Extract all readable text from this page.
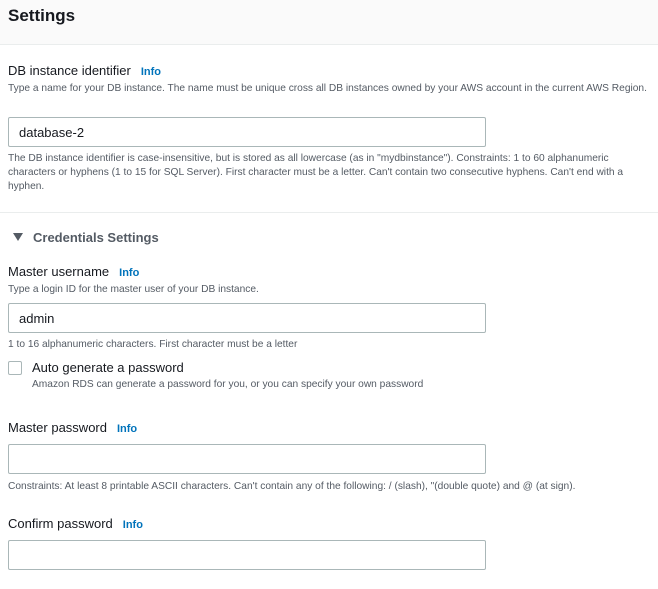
Settings
DB instance identifier Info
Type a name for your DB instance. The name must be unique cross all DB instances owned by your AWS account in the current AWS Region.
database-2
The DB instance identifier is case-insensitive, but is stored as all lowercase (as in "mydbinstance"). Constraints: 1 to 60 alphanumeric characters or hyphens (1 to 15 for SQL Server). First character must be a letter. Can't contain two consecutive hyphens. Can't end with a hyphen.
Credentials Settings
Master username Info
Type a login ID for the master user of your DB instance.
admin
1 to 16 alphanumeric characters. First character must be a letter
Auto generate a password
Amazon RDS can generate a password for you, or you can specify your own password
Master password Info
Constraints: At least 8 printable ASCII characters. Can't contain any of the following: / (slash), "(double quote) and @ (at sign).
Confirm password Info
